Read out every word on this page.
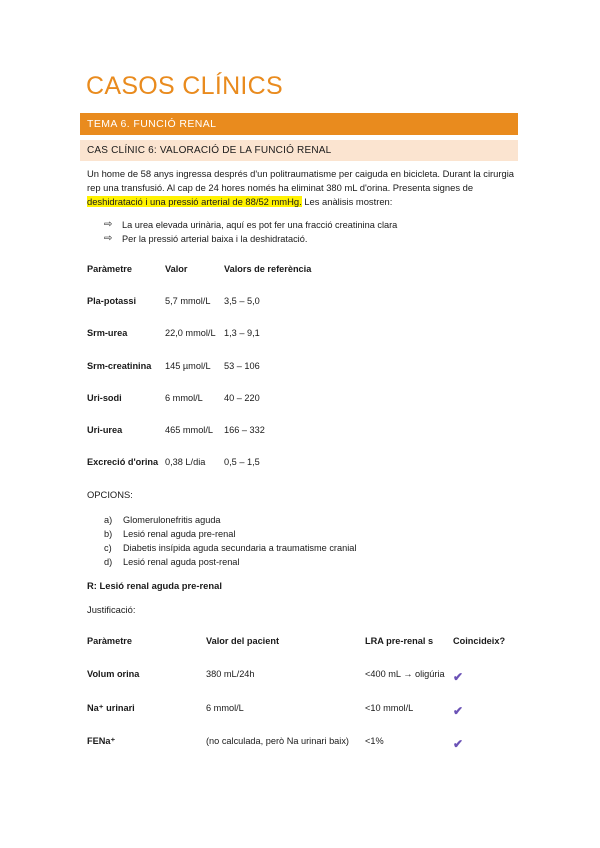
CASOS CLÍNICS
TEMA 6. FUNCIÓ RENAL
CAS CLÍNIC 6: VALORACIÓ DE LA FUNCIÓ RENAL
Un home de 58 anys ingressa després d'un politraumatisme per caiguda en bicicleta. Durant la cirurgia rep una transfusió. Al cap de 24 hores només ha eliminat 380 mL d'orina. Presenta signes de deshidratació i una pressió arterial de 88/52 mmHg. Les anàlisis mostren:
⇨	La urea elevada urinària, aquí es pot fer una fracció creatinina clara
⇨	Per la pressió arterial baixa i la deshidratació.
Paràmetre	Valor	Valors de referència
Pla-potassi	5,7 mmol/L 3,5 – 5,0
Srm-urea	22,0 mmol/L 1,3 – 9,1
Srm-creatinina 145 µmol/L 53 – 106
Uri-sodi	6 mmol/L 40 – 220
Uri-urea	465 mmol/L 166 – 332
Excreció d'orina 0,38 L/dia 0,5 – 1,5
OPCIONS:
a)	Glomerulonefritis aguda
b)	Lesió renal aguda pre-renal
c)	Diabetis insípida aguda secundaria a traumatisme cranial
d)	Lesió renal aguda post-renal
R: Lesió renal aguda pre-renal
Justificació:
Paràmetre	Valor del pacient	LRA pre-renal s Coincideix?
Volum orina	380 mL/24h	<400 mL → oligúria ✔
Na⁺ urinari	6 mmol/L	<10 mmol/L	✔
FENa⁺	(no calculada, però Na urinari baix) <1%	✔
